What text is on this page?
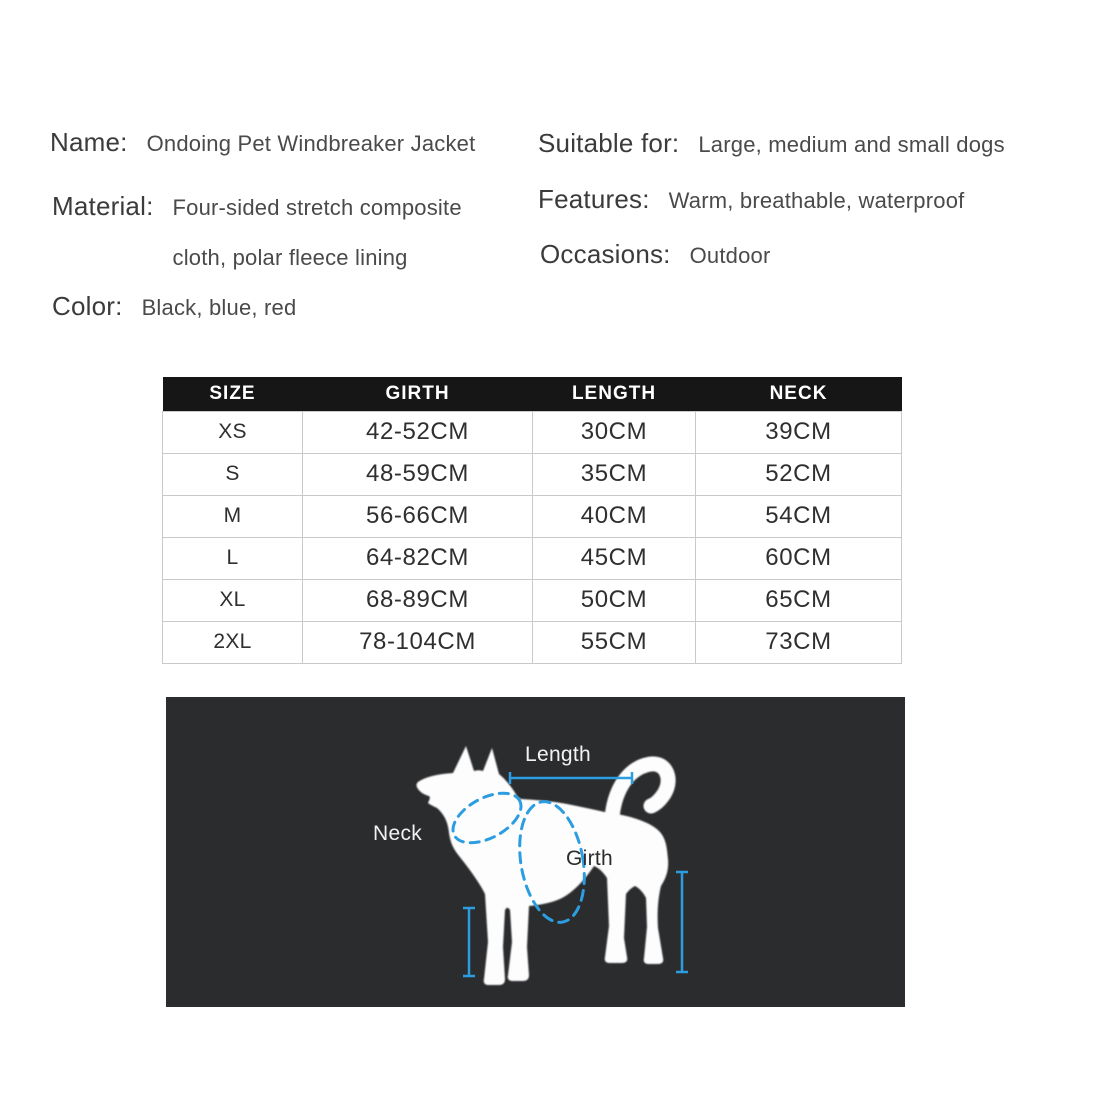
Name: Ondoing Pet Windbreaker Jacket
Material: Four-sided stretch composite cloth, polar fleece lining
Color: Black, blue, red
Suitable for: Large, medium and small dogs
Features: Warm, breathable, waterproof
Occasions: Outdoor
SIZE	GIRTH	LENGTH	NECK
XS	42-52CM	30CM	39CM
S	48-59CM	35CM	52CM
M	56-66CM	40CM	54CM
L	64-82CM	45CM	60CM
XL	68-89CM	50CM	65CM
2XL	78-104CM	55CM	73CM
Length
Neck
Girth
